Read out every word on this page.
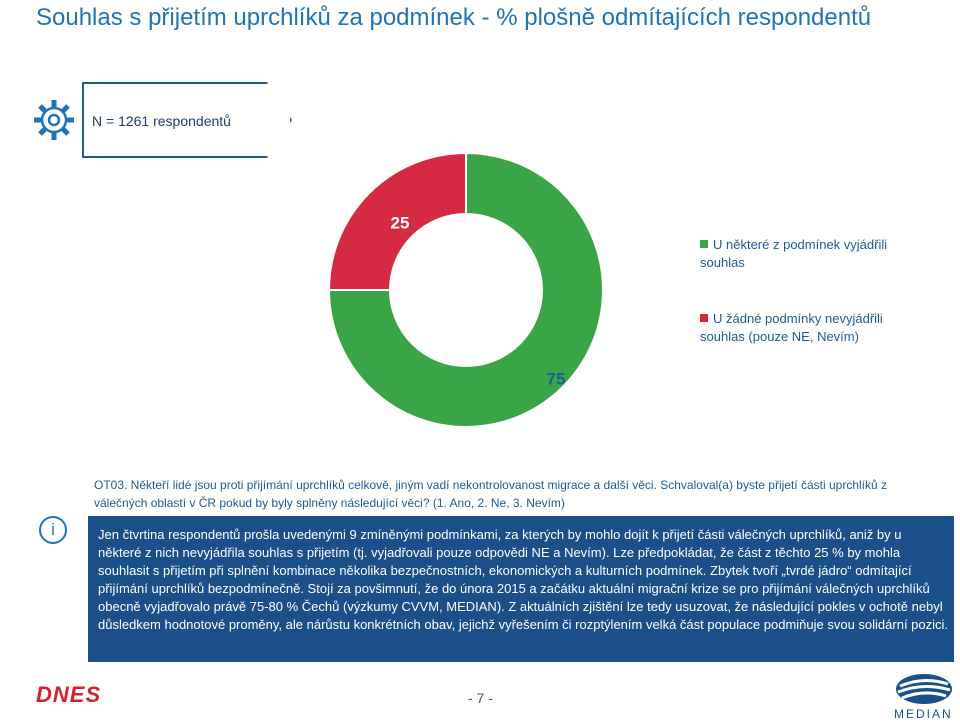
Souhlas s přijetím uprchlíků za podmínek - % plošně odmítajících respondentů
N = 1261 respondentů
75
25
U některé z podmínek vyjádřili souhlas
U žádné podmínky nevyjádřili souhlas (pouze NE, Nevím)
OT03. Někteří lidé jsou proti přijímání uprchlíků celkově, jiným vadí nekontrolovanost migrace a další věci. Schvaloval(a) byste přijetí části uprchlíků z válečných oblastí v ČR pokud by byly splněny následující věci? (1. Ano, 2. Ne, 3. Nevím)
i	Jen čtvrtina respondentů prošla uvedenými 9 zmíněnými podmínkami, za kterých by mohlo dojít k přijetí části válečných uprchlíků, aniž by u některé z nich nevyjádřila souhlas s přijetím (tj. vyjadřovali pouze odpovědi NE a Nevím). Lze předpokládat, že část z těchto 25 % by mohla souhlasit s přijetím při splnění kombinace několika bezpečnostních, ekonomických a kulturních podmínek. Zbytek tvoří „tvrdé jádro“ odmítající přijímání uprchlíků bezpodmínečně. Stojí za povšimnutí, že do února 2015 a začátku aktuální migrační krize se pro přijímání válečných uprchlíků obecně vyjadřovalo právě 75-80 % Čechů (výzkumy CVVM, MEDIAN). Z aktuálních zjištění lze tedy usuzovat, že následující pokles v ochotě nebyl důsledkem hodnotové proměny, ale nárůstu konkrétních obav, jejichž vyřešením či rozptýlením velká část populace podmiňuje svou solidární pozici.
DNES	- 7 -
MEDIAN
